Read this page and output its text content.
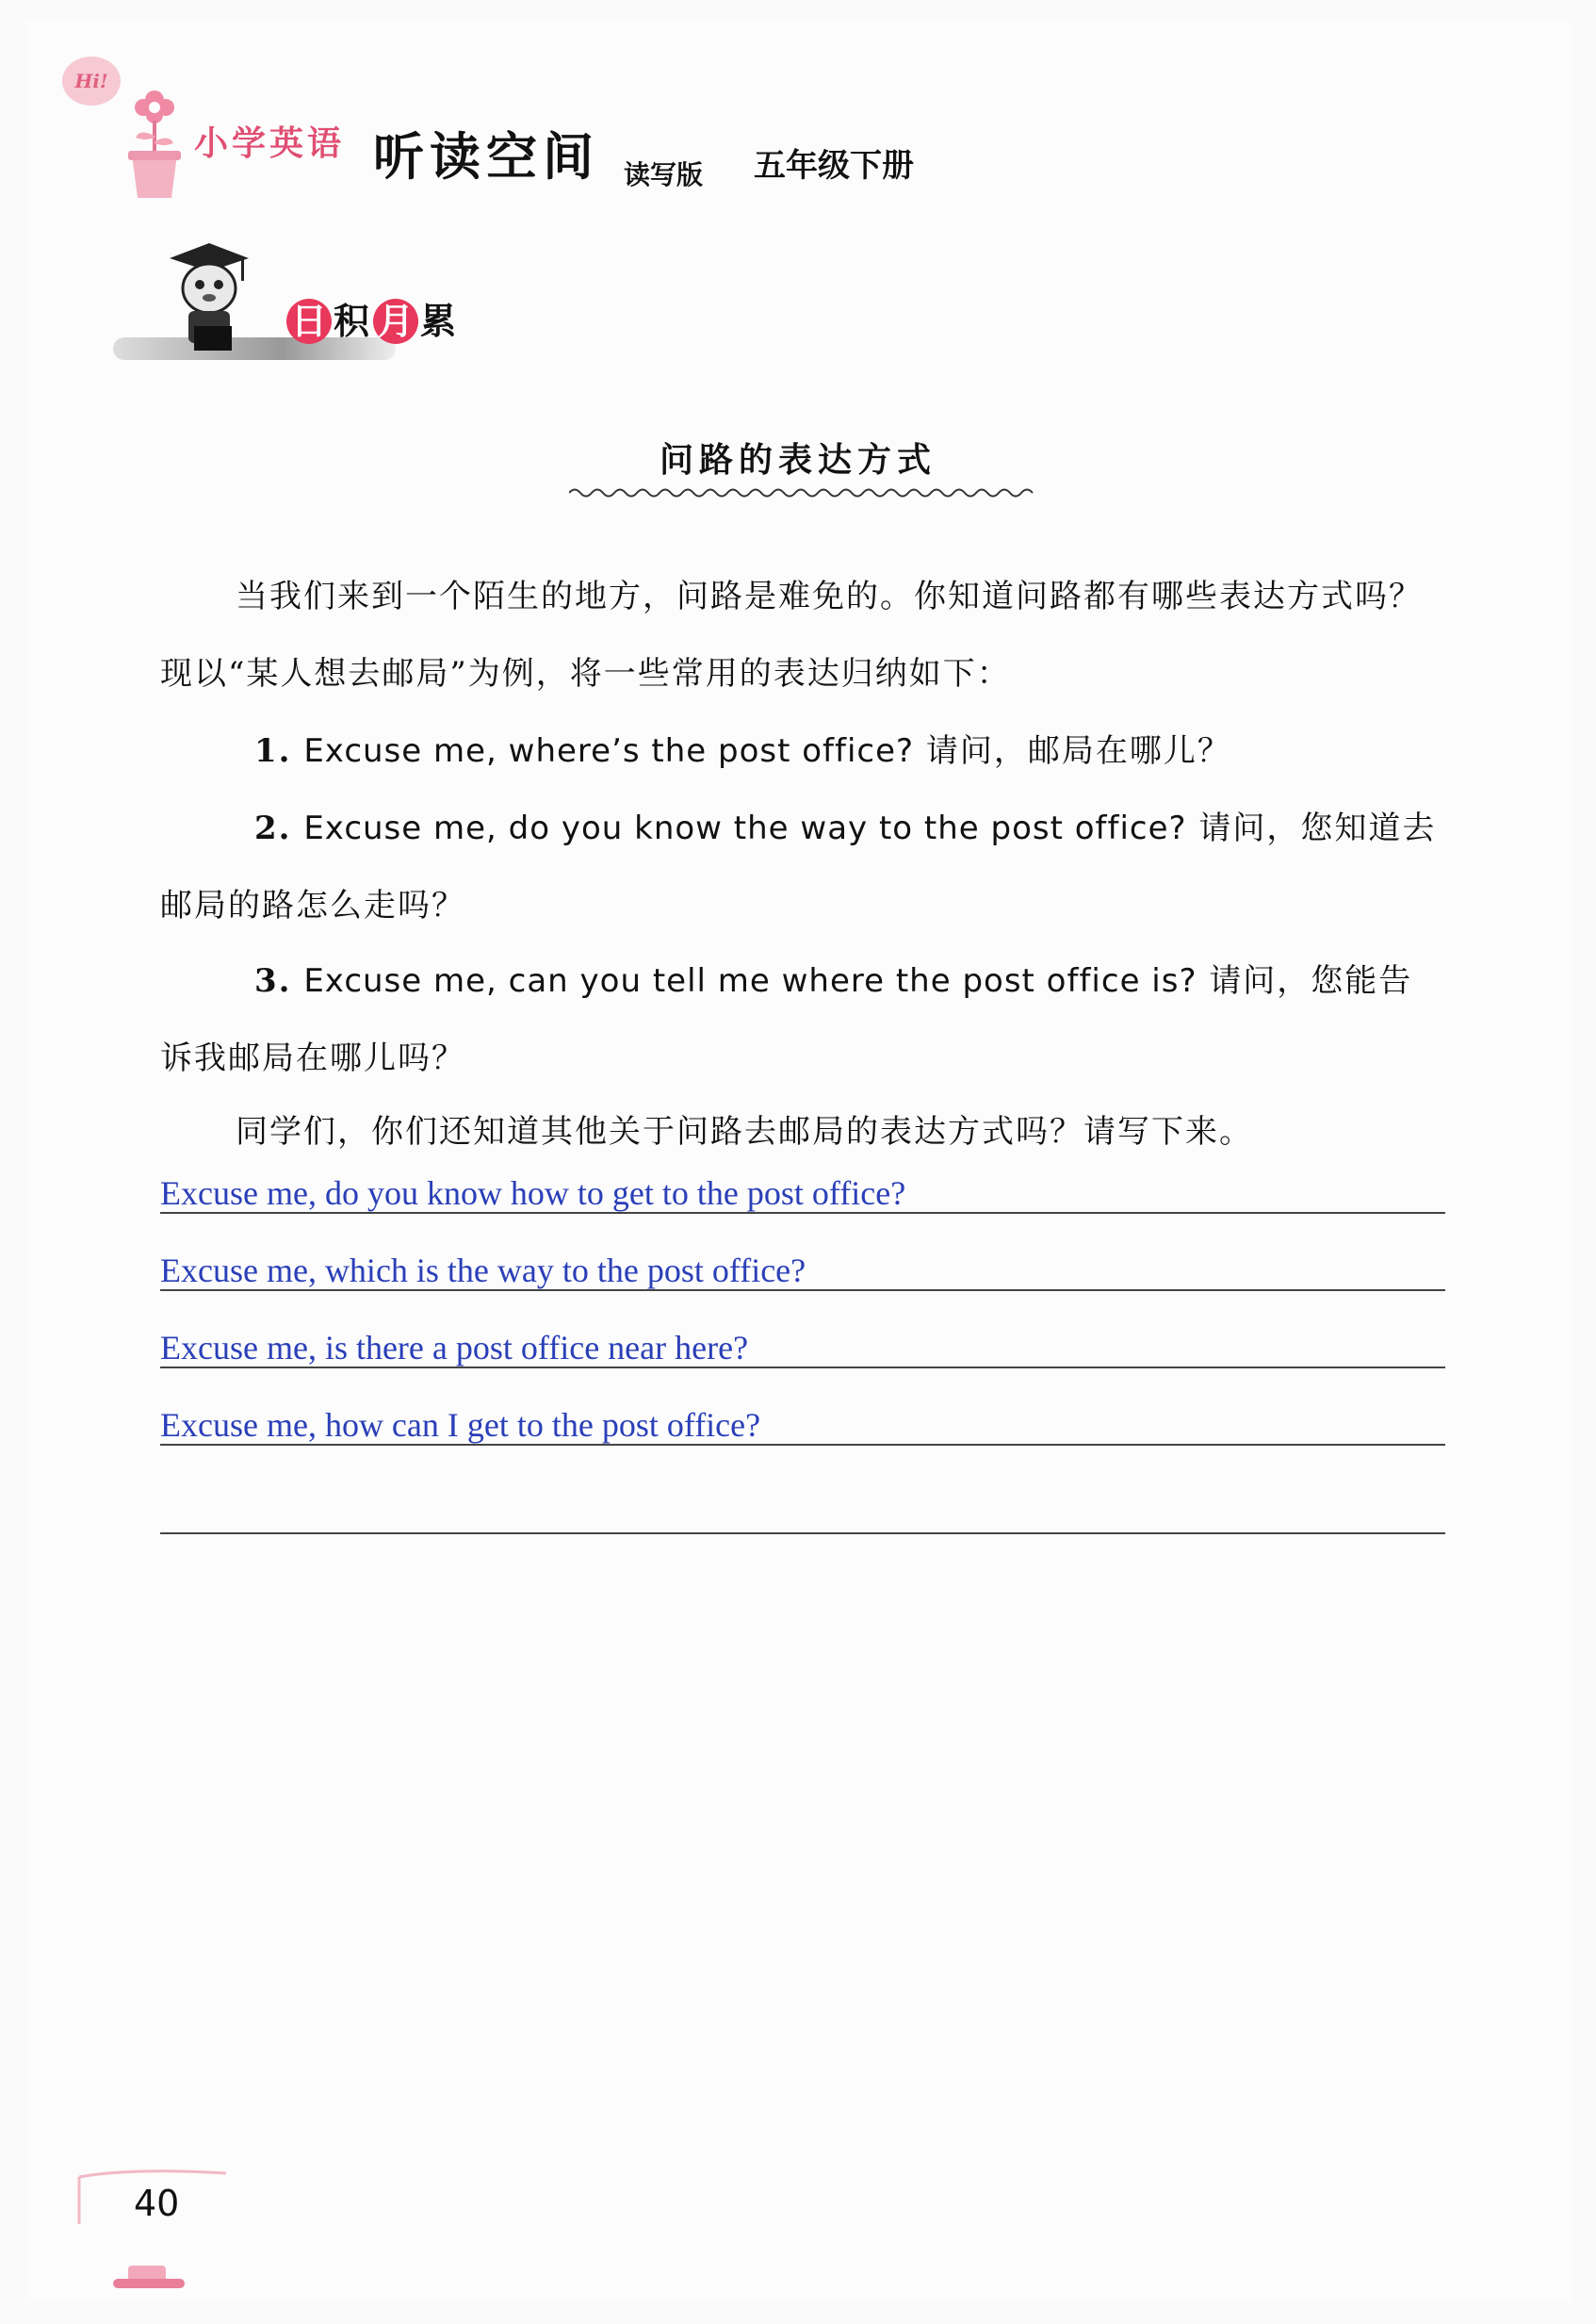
Hi!
小学英语 听读空间 读写版 五年级下册
日 积 月 累
问路的表达方式
当我们来到一个陌生的地方，问路是难免的。你知道问路都有哪些表达方式吗？现以“某人想去邮局”为例，将一些常用的表达归纳如下：
1. Excuse me, where’s the post office? 请问，邮局在哪儿？
2. Excuse me, do you know the way to the post office? 请问，您知道去邮局的路怎么走吗？
3. Excuse me, can you tell me where the post office is? 请问，您能告诉我邮局在哪儿吗？
同学们，你们还知道其他关于问路去邮局的表达方式吗？请写下来。
Excuse me, do you know how to get to the post office?
Excuse me, which is the way to the post office?
Excuse me, is there a post office near here?
Excuse me, how can I get to the post office?
40
